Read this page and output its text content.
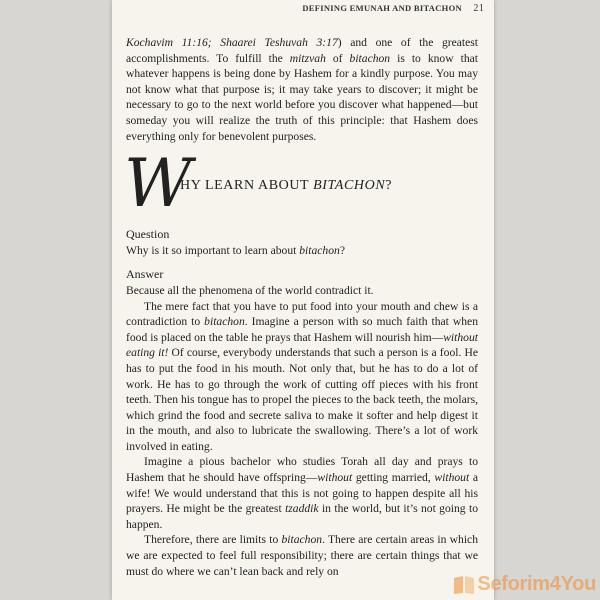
DEFINING EMUNAH AND BITACHON 21

Kochavim 11:16; Shaarei Teshuvah 3:17) and one of the greatest accomplishments. To fulfill the mitzvah of bitachon is to know that whatever happens is being done by Hashem for a kindly purpose. You may not know what that purpose is; it may take years to discover; it might be necessary to go to the next world before you discover what happened—but someday you will realize the truth of this principle: that Hashem does everything only for benevolent purposes.

W
HY LEARN ABOUT BITACHON?

Question

Why is it so important to learn about bitachon?

Answer

Because all the phenomena of the world contradict it.

The mere fact that you have to put food into your mouth and chew is a contradiction to bitachon. Imagine a person with so much faith that when food is placed on the table he prays that Hashem will nourish him—without eating it! Of course, everybody understands that such a person is a fool. He has to put the food in his mouth. Not only that, but he has to do a lot of work. He has to go through the work of cutting off pieces with his front teeth. Then his tongue has to propel the pieces to the back teeth, the molars, which grind the food and secrete saliva to make it softer and help digest it in the mouth, and also to lubricate the swallowing. There’s a lot of work involved in eating.

Imagine a pious bachelor who studies Torah all day and prays to Hashem that he should have offspring—without getting married, without a wife! We would understand that this is not going to happen despite all his prayers. He might be the greatest tzaddik in the world, but it’s not going to happen.

Therefore, there are limits to bitachon. There are certain areas in which we are expected to feel full responsibility; there are certain things that we must do where we can’t lean back and rely on

Seforim4You
